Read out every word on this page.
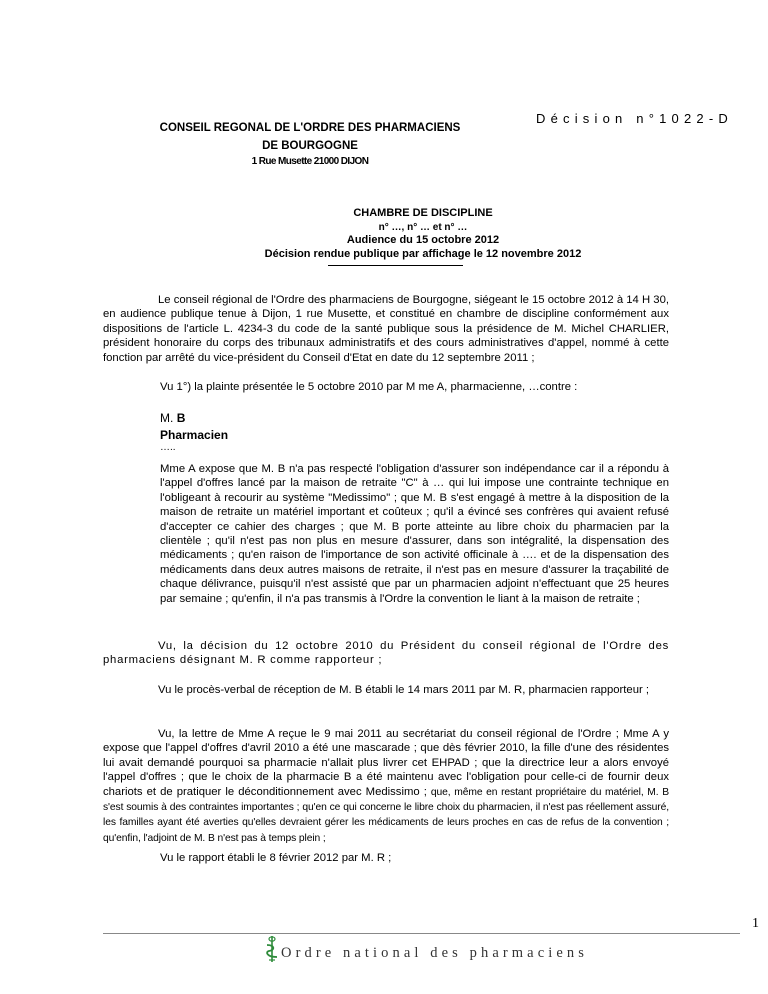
Décision n°1022-D
CONSEIL REGONAL DE L'ORDRE DES PHARMACIENS
DE BOURGOGNE
1 Rue Musette 21000 DIJON
CHAMBRE DE DISCIPLINE
n° …, n° … et n° …
Audience du 15 octobre 2012
Décision rendue publique par affichage le 12 novembre 2012
Le conseil régional de l'Ordre des pharmaciens de Bourgogne, siégeant le 15 octobre 2012 à 14 H 30, en audience publique tenue à Dijon, 1 rue Musette, et constitué en chambre de discipline conformément aux dispositions de l'article L. 4234-3 du code de la santé publique sous la présidence de M. Michel CHARLIER, président honoraire du corps des tribunaux administratifs et des cours administratives d'appel, nommé à cette fonction par arrêté du vice-président du Conseil d'Etat en date du 12 septembre 2011 ;
Vu 1°) la plainte présentée le 5 octobre 2010 par M me A, pharmacienne, …contre :
M. B
Pharmacien
…..
Mme A expose que M. B n'a pas respecté l'obligation d'assurer son indépendance car il a répondu à l'appel d'offres lancé par la maison de retraite "C" à … qui lui impose une contrainte technique en l'obligeant à recourir au système "Medissimo" ; que M. B s'est engagé à mettre à la disposition de la maison de retraite un matériel important et coûteux ; qu'il a évincé ses confrères qui avaient refusé d'accepter ce cahier des charges ; que M. B porte atteinte au libre choix du pharmacien par la clientèle ; qu'il n'est pas non plus en mesure d'assurer, dans son intégralité, la dispensation des médicaments ; qu'en raison de l'importance de son activité officinale à …. et de la dispensation des médicaments dans deux autres maisons de retraite, il n'est pas en mesure d'assurer la traçabilité de chaque délivrance, puisqu'il n'est assisté que par un pharmacien adjoint n'effectuant que 25 heures par semaine ; qu'enfin, il n'a pas transmis à l'Ordre la convention le liant à la maison de retraite ;
Vu, la décision du 12 octobre 2010 du Président du conseil régional de l'Ordre des pharmaciens désignant M. R comme rapporteur ;
Vu le procès-verbal de réception de M. B établi le 14 mars 2011 par M. R, pharmacien rapporteur ;
Vu, la lettre de Mme A reçue le 9 mai 2011 au secrétariat du conseil régional de l'Ordre ; Mme A y expose que l'appel d'offres d'avril 2010 a été une mascarade ; que dès février 2010, la fille d'une des résidentes lui avait demandé pourquoi sa pharmacie n'allait plus livrer cet EHPAD ; que la directrice leur a alors envoyé l'appel d'offres ; que le choix de la pharmacie B a été maintenu avec l'obligation pour celle-ci de fournir deux chariots et de pratiquer le déconditionnement avec Medissimo ; que, même en restant propriétaire du matériel, M. B s'est soumis à des contraintes importantes ; qu'en ce qui concerne le libre choix du pharmacien, il n'est pas réellement assuré, les familles ayant été averties qu'elles devraient gérer les médicaments de leurs proches en cas de refus de la convention ; qu'enfin, l'adjoint de M. B n'est pas à temps plein ;
Vu le rapport établi le 8 février 2012 par M. R ;
1
Ordre national des pharmaciens
